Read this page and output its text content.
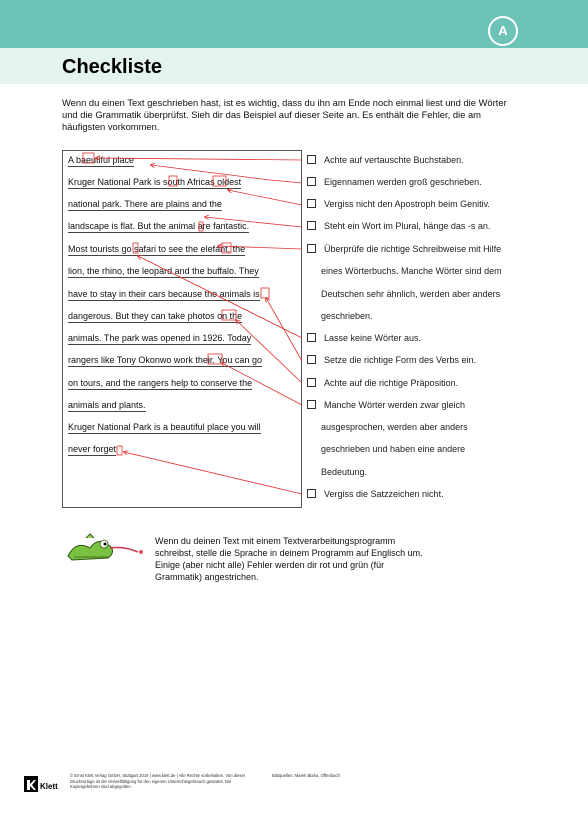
A
Checkliste
Wenn du einen Text geschrieben hast, ist es wichtig, dass du ihn am Ende noch einmal liest und die Wörter und die Grammatik überprüfst. Sieh dir das Beispiel auf dieser Seite an. Es enthält die Fehler, die am häufigsten vorkommen.
A baeutiful place
Kruger National Park is south Africas oldest
national park. There are plains and the
landscape is flat. But the animal are fantastic.
Most tourists go safari to see the elefant, the
lion, the rhino, the leopard and the buffalo. They
have to stay in their cars because the animals is
dangerous. But they can take photos on the
animals. The park was opened in 1926. Today
rangers like Tony Okonwo work their. You can go
on tours, and the rangers help to conserve the
animals and plants.
Kruger National Park is a beautiful place you will
never forget
Achte auf vertauschte Buchstaben.
Eigennamen werden groß geschrieben.
Vergiss nicht den Apostroph beim Genitiv.
Steht ein Wort im Plural, hänge das -s an.
Überprüfe die richtige Schreibweise mit Hilfe
eines Wörterbuchs. Manche Wörter sind dem
Deutschen sehr ähnlich, werden aber anders
geschrieben.
Lasse keine Wörter aus.
Setze die richtige Form des Verbs ein.
Achte auf die richtige Präposition.
Manche Wörter werden zwar gleich
ausgesprochen, werden aber anders
geschrieben und haben eine andere
Bedeutung.
Vergiss die Satzzeichen nicht.
Wenn du deinen Text mit einem Textverarbeitungsprogramm schreibst, stelle die Sprache in deinem Programm auf Englisch um. Einige (aber nicht alle) Fehler werden dir rot und grün (für Grammatik) angestrichen.
Klett
© Ernst Klett Verlag GmbH, Stuttgart 2019 | www.klett.de | Alle Rechte vorbehalten. Von dieser Druckvorlage ist die Vervielfältigung für den eigenen Unterrichtsgebrauch gestattet. Die Kopiergebühren sind abgegolten.
Bildquellen: Marek Blaha, Offenbach
